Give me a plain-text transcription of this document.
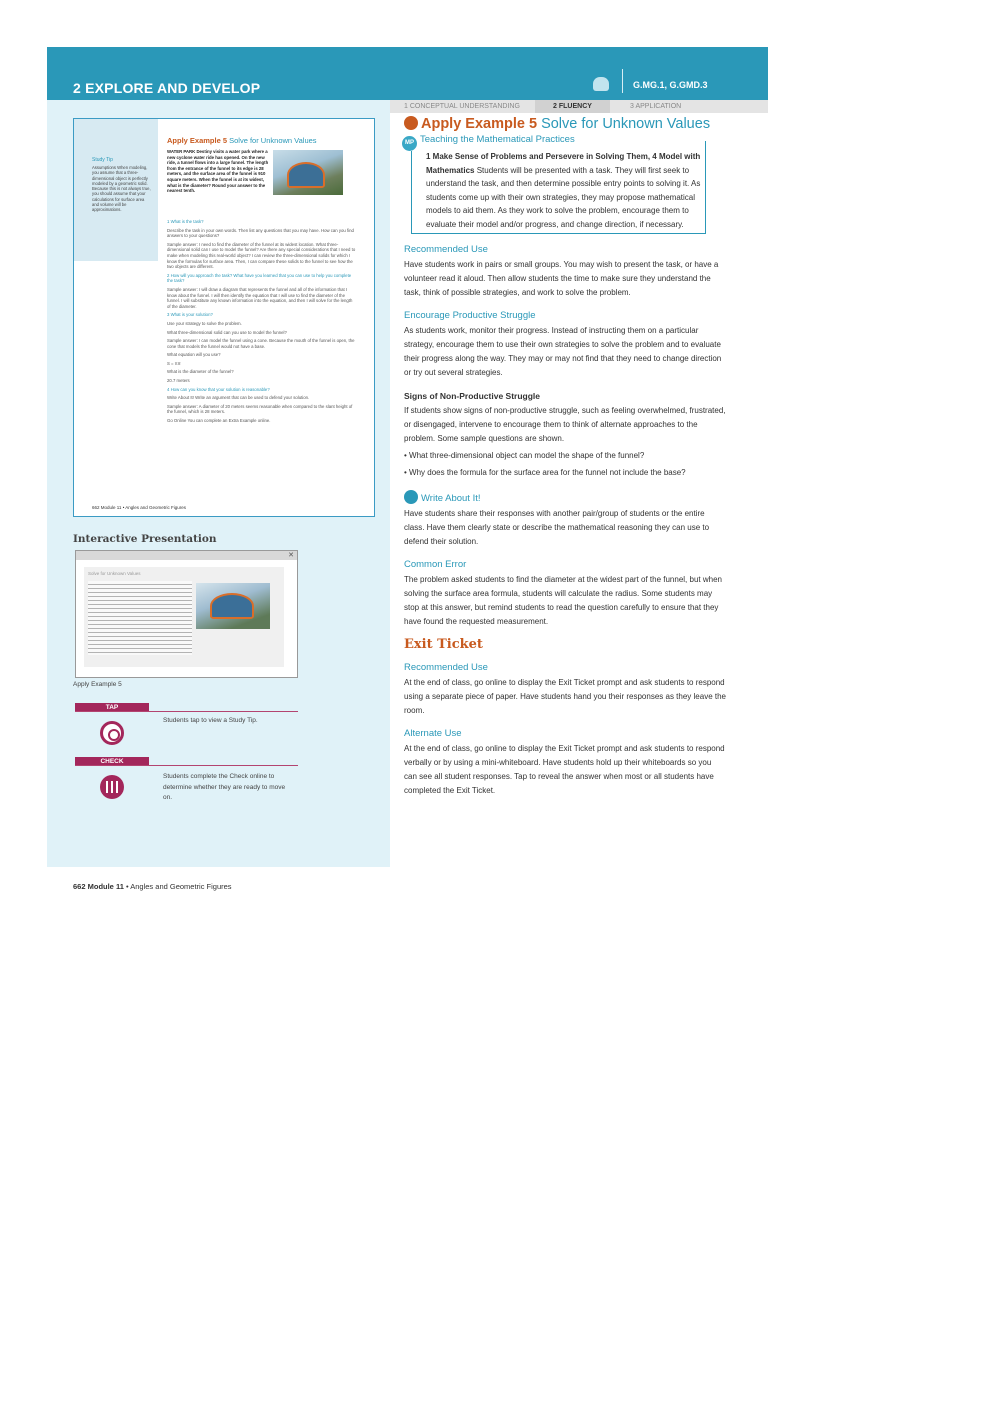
2 EXPLORE AND DEVELOP	G.MG.1, G.GMD.3
1 CONCEPTUAL UNDERSTANDING	2 FLUENCY	3 APPLICATION
Study Tip
Assumptions When modeling, you assume that a three-dimensional object is perfectly modeled by a geometric solid. Because this is not always true, you should assume that your calculations for surface area and volume will be approximations.
Apply Example 5 Solve for Unknown Values
WATER PARK Destiny visits a water park where a new cyclone water ride has opened. On the new ride, a tunnel flows into a large funnel. The length from the entrance of the funnel to its edge is 28 meters, and the surface area of the funnel is 910 square meters. When the funnel is at its widest, what is the diameter? Round your answer to the nearest tenth.

1 What is the task?

Describe the task in your own words. Then list any questions that you may have. How can you find answers to your questions?

Sample answer: I need to find the diameter of the funnel at its widest location. What three-dimensional solid can I use to model the funnel? Are there any special considerations that I need to make when modeling this real-world object? I can review the three-dimensional solids for which I know the formulas for surface area. Then, I can compare these solids to the funnel to see how the two objects are different.

2 How will you approach the task? What have you learned that you can use to help you complete the task?

Sample answer: I will draw a diagram that represents the funnel and all of the information that I know about the funnel. I will then identify the equation that I will use to find the diameter of the funnel. I will substitute any known information into the equation, and then I will solve for the length of the diameter.

3 What is your solution?

Use your strategy to solve the problem.

What three-dimensional solid can you use to model the funnel?

Sample answer: I can model the funnel using a cone. Because the mouth of the funnel is open, the cone that models the funnel would not have a base.

What equation will you use?

S = πrℓ

What is the diameter of the funnel?

20.7 meters

4 How can you know that your solution is reasonable?

Write About It! Write an argument that can be used to defend your solution.

Sample answer: A diameter of 20 meters seems reasonable when compared to the slant height of the funnel, which is 28 meters.

Go Online You can complete an Extra Example online.

662 Module 11 • Angles and Geometric Figures
Interactive Presentation
✕
Solve for Unknown Values
Apply Example 5
TAP
Students tap to view a Study Tip.
CHECK
Students complete the Check online to determine whether they are ready to move on.
662 Module 11 • Angles and Geometric Figures
Apply Example 5 Solve for Unknown Values
MP Teaching the Mathematical Practices
1 Make Sense of Problems and Persevere in Solving Them, 4 Model with Mathematics Students will be presented with a task. They will first seek to understand the task, and then determine possible entry points to solving it. As students come up with their own strategies, they may propose mathematical models to aid them. As they work to solve the problem, encourage them to evaluate their model and/or progress, and change direction, if necessary.
Recommended Use
Have students work in pairs or small groups. You may wish to present the task, or have a volunteer read it aloud. Then allow students the time to make sure they understand the task, think of possible strategies, and work to solve the problem.
Encourage Productive Struggle
As students work, monitor their progress. Instead of instructing them on a particular strategy, encourage them to use their own strategies to solve the problem and to evaluate their progress along the way. They may or may not find that they need to change direction or try out several strategies.
Signs of Non-Productive Struggle
If students show signs of non-productive struggle, such as feeling overwhelmed, frustrated, or disengaged, intervene to encourage them to think of alternate approaches to the problem. Some sample questions are shown.
• What three-dimensional object can model the shape of the funnel?
• Why does the formula for the surface area for the funnel not include the base?
Write About It!
Have students share their responses with another pair/group of students or the entire class. Have them clearly state or describe the mathematical reasoning they can use to defend their solution.
Common Error
The problem asked students to find the diameter at the widest part of the funnel, but when solving the surface area formula, students will calculate the radius. Some students may stop at this answer, but remind students to read the question carefully to ensure that they have found the requested measurement.
Exit Ticket
Recommended Use
At the end of class, go online to display the Exit Ticket prompt and ask students to respond using a separate piece of paper. Have students hand you their responses as they leave the room.
Alternate Use
At the end of class, go online to display the Exit Ticket prompt and ask students to respond verbally or by using a mini-whiteboard. Have students hold up their whiteboards so you can see all student responses. Tap to reveal the answer when most or all students have completed the Exit Ticket.
